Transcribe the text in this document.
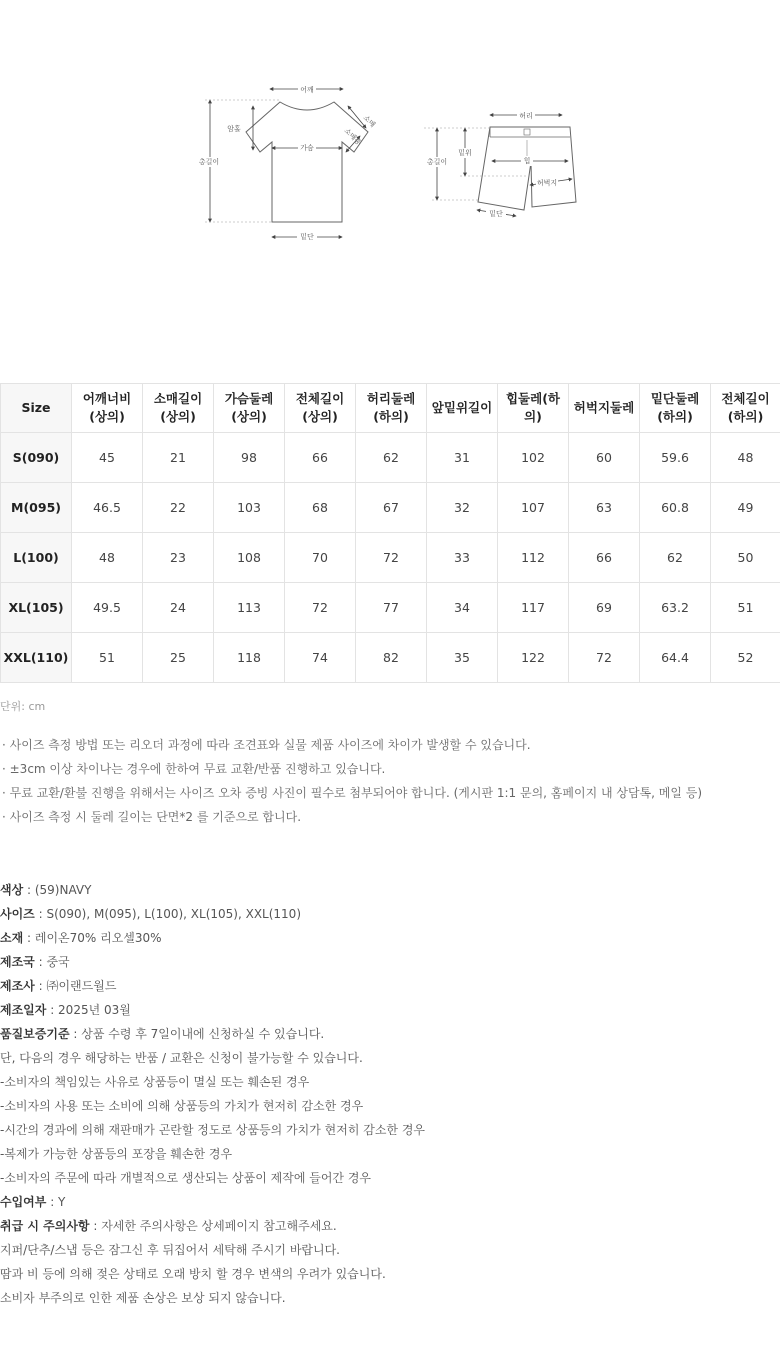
어깨
소매
소매통
암홀
가슴
총길이
밑단
허리
밑위
힙
허벅지
총길이
밑단
Size	어깨너비(상의)	소매길이(상의)	가슴둘레(상의)	전체길이(상의)	허리둘레(하의)	앞밑위길이	힙둘레(하의)	허벅지둘레	밑단둘레(하의)	전체길이(하의)
S(090)	45	21	98	66	62	31	102	60	59.6	48
M(095)	46.5	22	103	68	67	32	107	63	60.8	49
L(100)	48	23	108	70	72	33	112	66	62	50
XL(105)	49.5	24	113	72	77	34	117	69	63.2	51
XXL(110)	51	25	118	74	82	35	122	72	64.4	52
단위: cm
· 사이즈 측정 방법 또는 리오더 과정에 따라 조견표와 실물 제품 사이즈에 차이가 발생할 수 있습니다.
· ±3cm 이상 차이나는 경우에 한하여 무료 교환/반품 진행하고 있습니다.
· 무료 교환/환불 진행을 위해서는 사이즈 오차 증빙 사진이 필수로 첨부되어야 합니다. (게시판 1:1 문의, 홈페이지 내 상담톡, 메일 등)
· 사이즈 측정 시 둘레 길이는 단면*2 를 기준으로 합니다.
색상 : (59)NAVY
사이즈 : S(090), M(095), L(100), XL(105), XXL(110)
소재 : 레이온70% 리오셀30%
제조국 : 중국
제조사 : ㈜이랜드월드
제조일자 : 2025년 03월
품질보증기준 : 상품 수령 후 7일이내에 신청하실 수 있습니다.
단, 다음의 경우 해당하는 반품 / 교환은 신청이 불가능할 수 있습니다.
-소비자의 책임있는 사유로 상품등이 멸실 또는 훼손된 경우
-소비자의 사용 또는 소비에 의해 상품등의 가치가 현저히 감소한 경우
-시간의 경과에 의해 재판매가 곤란할 정도로 상품등의 가치가 현저히 감소한 경우
-복제가 가능한 상품등의 포장을 훼손한 경우
-소비자의 주문에 따라 개별적으로 생산되는 상품이 제작에 들어간 경우
수입여부 : Y
취급 시 주의사항 : 자세한 주의사항은 상세페이지 참고해주세요.
지퍼/단추/스냅 등은 잠그신 후 뒤집어서 세탁해 주시기 바랍니다.
땀과 비 등에 의해 젖은 상태로 오래 방치 할 경우 변색의 우려가 있습니다.
소비자 부주의로 인한 제품 손상은 보상 되지 않습니다.
